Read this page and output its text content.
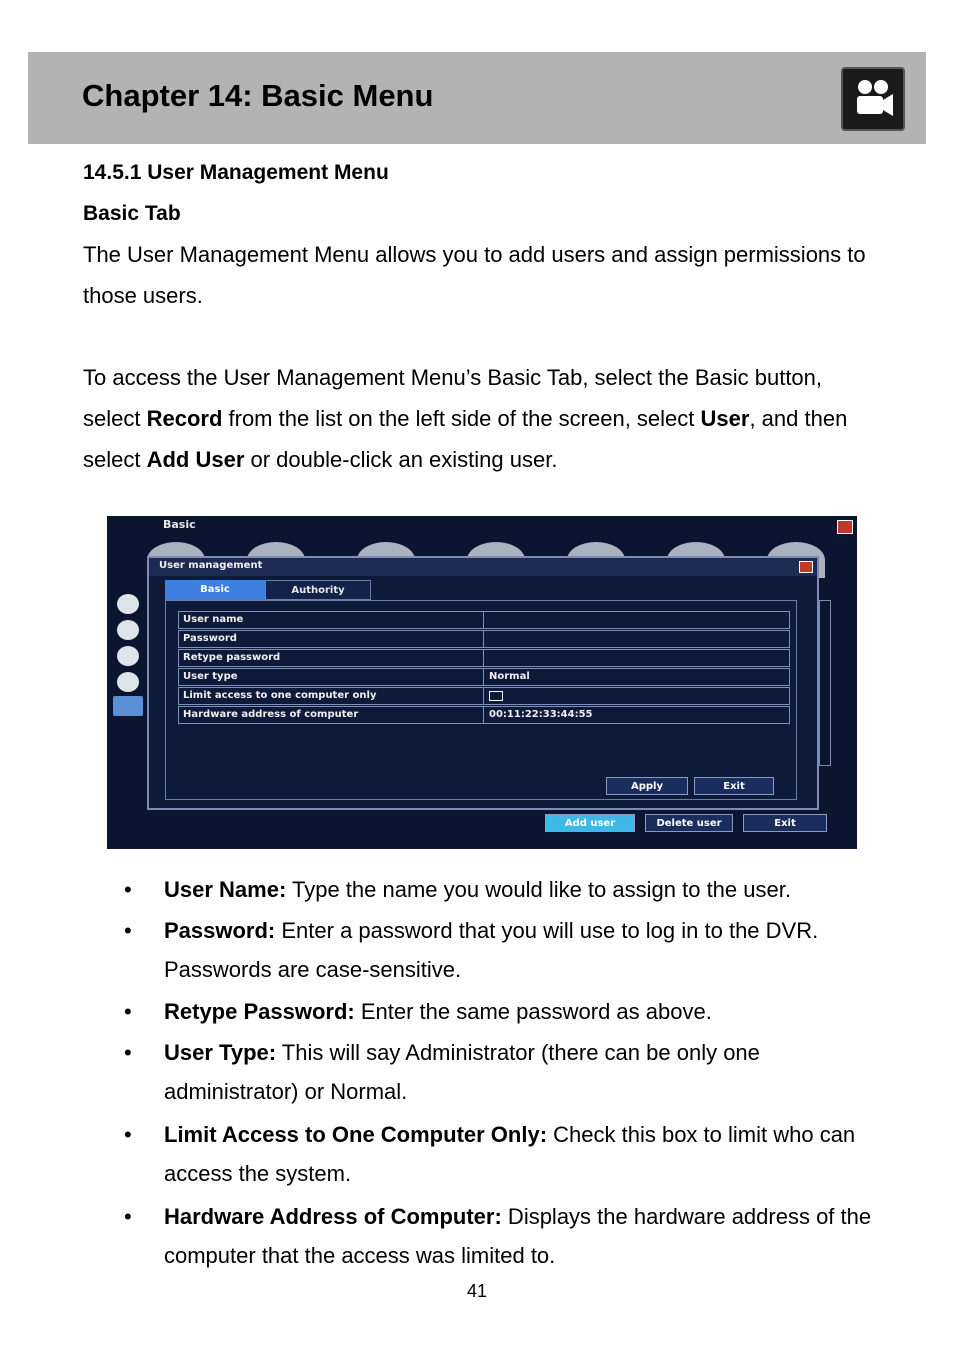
Chapter 14: Basic Menu
14.5.1 User Management Menu
Basic Tab
The User Management Menu allows you to add users and assign permissions to those users.
To access the User Management Menu’s Basic Tab, select the Basic button, select Record from the list on the left side of the screen, select User, and then select Add User or double-click an existing user.
Basic
User management
Basic	Authority
User name
Password
Retype password
User type	Normal
Limit access to one computer only
Hardware address of computer	00:11:22:33:44:55
Apply	Exit
Add user	Delete user	Exit
• User Name: Type the name you would like to assign to the user.
• Password: Enter a password that you will use to log in to the DVR. Passwords are case-sensitive.
• Retype Password: Enter the same password as above.
• User Type: This will say Administrator (there can be only one administrator) or Normal.
• Limit Access to One Computer Only: Check this box to limit who can access the system.
• Hardware Address of Computer: Displays the hardware address of the computer that the access was limited to.
41
